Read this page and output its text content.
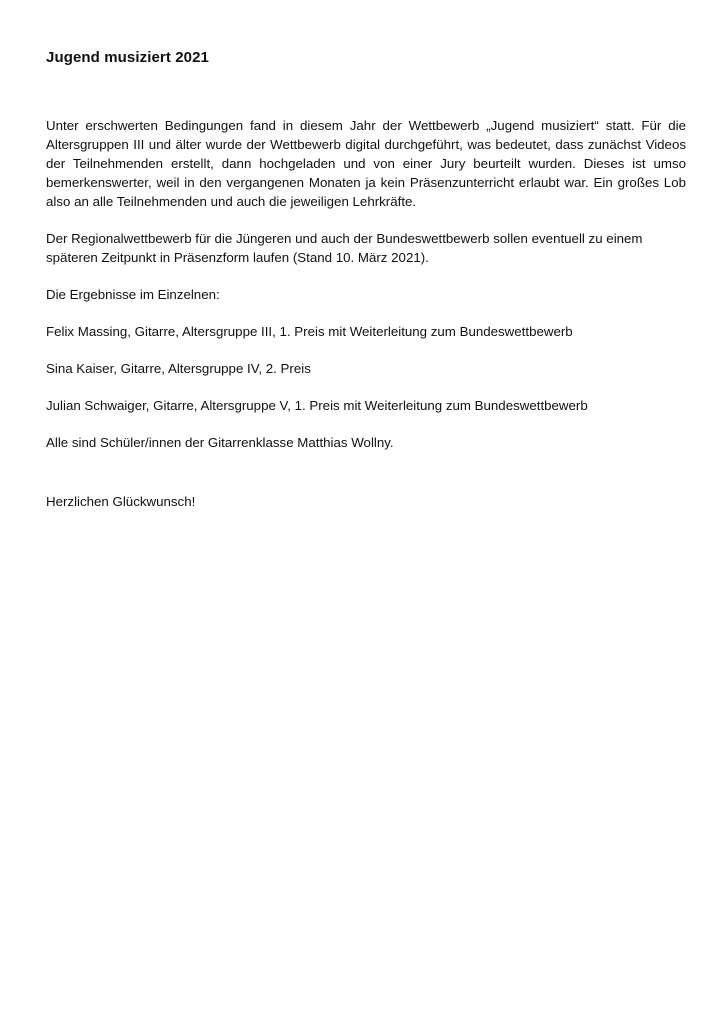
Jugend musiziert 2021

Unter erschwerten Bedingungen fand in diesem Jahr der Wettbewerb „Jugend musiziert“ statt. Für die Altersgruppen III und älter wurde der Wettbewerb digital durchgeführt, was bedeutet, dass zunächst Videos der Teilnehmenden erstellt, dann hochgeladen und von einer Jury beurteilt wurden. Dieses ist umso bemerkenswerter, weil in den vergangenen Monaten ja kein Präsenzunterricht erlaubt war. Ein großes Lob also an alle Teilnehmenden und auch die jeweiligen Lehrkräfte.

Der Regionalwettbewerb für die Jüngeren und auch der Bundeswettbewerb sollen eventuell zu einem späteren Zeitpunkt in Präsenzform laufen (Stand 10. März 2021).

Die Ergebnisse im Einzelnen:

Felix Massing, Gitarre, Altersgruppe III, 1. Preis mit Weiterleitung zum Bundeswettbewerb

Sina Kaiser, Gitarre, Altersgruppe IV, 2. Preis

Julian Schwaiger, Gitarre, Altersgruppe V, 1. Preis mit Weiterleitung zum Bundeswettbewerb

Alle sind Schüler/innen der Gitarrenklasse Matthias Wollny.

Herzlichen Glückwunsch!
